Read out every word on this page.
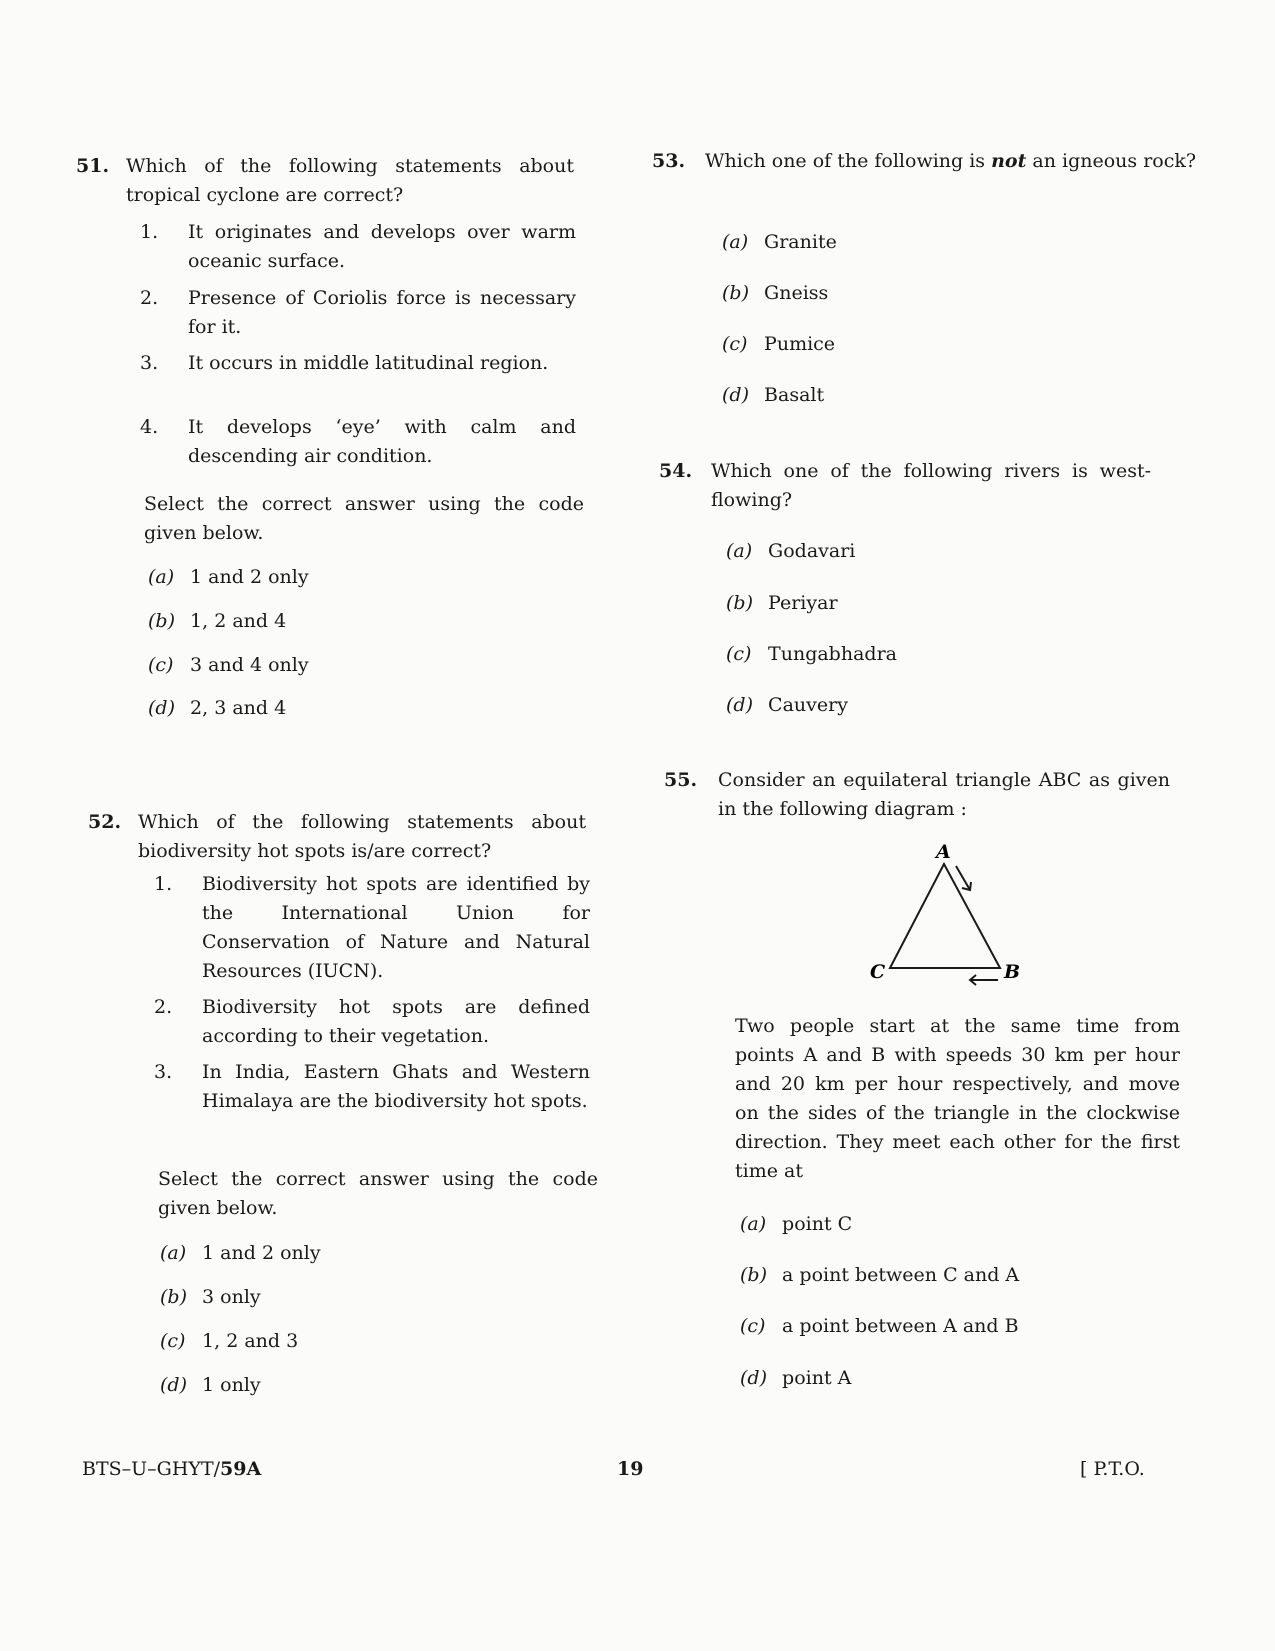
51. Which of the following statements about tropical cyclone are correct?
1. It originates and develops over warm oceanic surface.
2. Presence of Coriolis force is necessary for it.
3. It occurs in middle latitudinal region.
4. It develops ‘eye’ with calm and descending air condition.
Select the correct answer using the code given below.
(a) 1 and 2 only
(b) 1, 2 and 4
(c) 3 and 4 only
(d) 2, 3 and 4
52. Which of the following statements about biodiversity hot spots is/are correct?
1. Biodiversity hot spots are identified by the International Union for Conservation of Nature and Natural Resources (IUCN).
2. Biodiversity hot spots are defined according to their vegetation.
3. In India, Eastern Ghats and Western Himalaya are the biodiversity hot spots.
Select the correct answer using the code given below.
(a) 1 and 2 only
(b) 3 only
(c) 1, 2 and 3
(d) 1 only
53. Which one of the following is not an igneous rock?
(a) Granite
(b) Gneiss
(c) Pumice
(d) Basalt
54. Which one of the following rivers is west-flowing?
(a) Godavari
(b) Periyar
(c) Tungabhadra
(d) Cauvery
55. Consider an equilateral triangle ABC as given in the following diagram :
A
C	B
Two people start at the same time from points A and B with speeds 30 km per hour and 20 km per hour respectively, and move on the sides of the triangle in the clockwise direction. They meet each other for the first time at
(a) point C
(b) a point between C and A
(c) a point between A and B
(d) point A
BTS–U–GHYT/59A	19	[ P.T.O.
